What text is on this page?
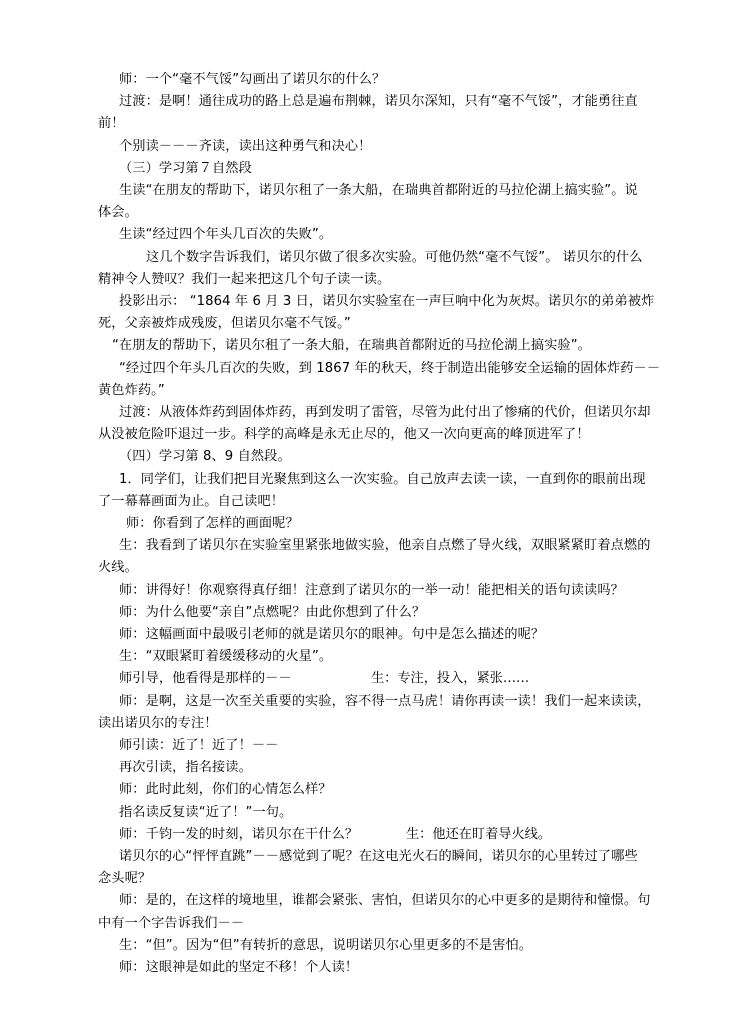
师：一个“毫不气馁”勾画出了诺贝尔的什么？
过渡：是啊！通往成功的路上总是遍布荆棘，诺贝尔深知，只有“毫不气馁”，才能勇往直
前！
个别读－－－齐读，读出这种勇气和决心！
（三）学习第７自然段
生读“在朋友的帮助下，诺贝尔租了一条大船，在瑞典首都附近的马拉伦湖上搞实验”。说
体会。
生读“经过四个年头几百次的失败”。
这几个数字告诉我们，诺贝尔做了很多次实验。可他仍然“毫不气馁”。 诺贝尔的什么
精神令人赞叹？我们一起来把这几个句子读一读。
投影出示： “1864 年 6 月 3 日，诺贝尔实验室在一声巨响中化为灰烬。诺贝尔的弟弟被炸
死，父亲被炸成残废，但诺贝尔毫不气馁。”
“在朋友的帮助下，诺贝尔租了一条大船，在瑞典首都附近的马拉伦湖上搞实验”。
“经过四个年头几百次的失败，到 1867 年的秋天，终于制造出能够安全运输的固体炸药－－
黄色炸药。”
过渡：从液体炸药到固体炸药，再到发明了雷管，尽管为此付出了惨痛的代价，但诺贝尔却
从没被危险吓退过一步。科学的高峰是永无止尽的，他又一次向更高的峰顶进军了！
（四）学习第 8、9 自然段。
1．同学们，让我们把目光聚焦到这么一次实验。自己放声去读一读，一直到你的眼前出现
了一幕幕画面为止。自己读吧！
师：你看到了怎样的画面呢？
生：我看到了诺贝尔在实验室里紧张地做实验，他亲自点燃了导火线，双眼紧紧盯着点燃的
火线。
师：讲得好！你观察得真仔细！注意到了诺贝尔的一举一动！能把相关的语句读读吗？
师：为什么他要“亲自”点燃呢？由此你想到了什么？
师：这幅画面中最吸引老师的就是诺贝尔的眼神。句中是怎么描述的呢？
生：“双眼紧盯着缓缓移动的火星”。
师引导，他看得是那样的－－	生：专注，投入，紧张……
师：是啊，这是一次至关重要的实验，容不得一点马虎！请你再读一读！我们一起来读读，
读出诺贝尔的专注！
师引读：近了！近了！－－
再次引读，指名接读。
师：此时此刻，你们的心情怎么样？
指名读反复读“近了！”一句。
师：千钧一发的时刻，诺贝尔在干什么？	生：他还在盯着导火线。
诺贝尔的心“怦怦直跳”－－感觉到了呢？在这电光火石的瞬间，诺贝尔的心里转过了哪些
念头呢？
师：是的，在这样的境地里，谁都会紧张、害怕，但诺贝尔的心中更多的是期待和憧憬。句
中有一个字告诉我们－－
生：“但”。因为“但”有转折的意思，说明诺贝尔心里更多的不是害怕。
师：这眼神是如此的坚定不移！个人读！
